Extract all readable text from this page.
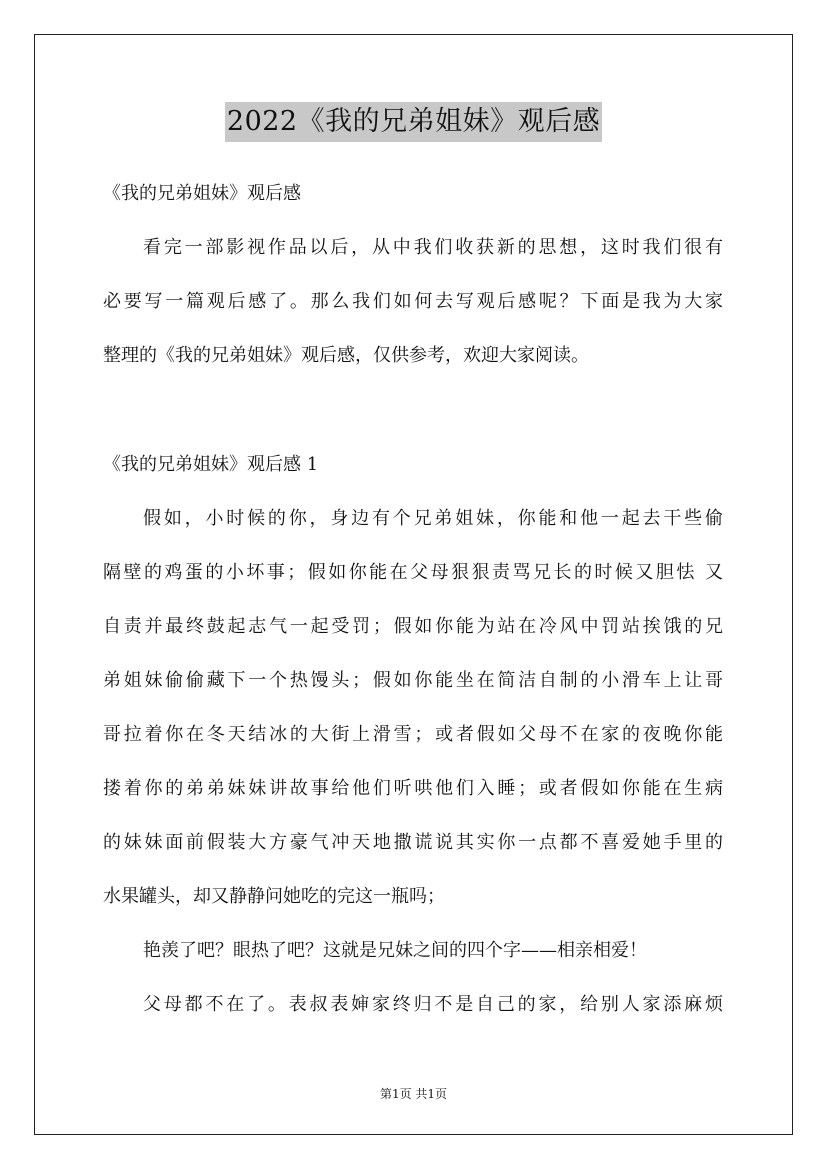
2022《我的兄弟姐妹》观后感
《我的兄弟姐妹》观后感
看完一部影视作品以后，从中我们收获新的思想，这时我们很有
必要写一篇观后感了。那么我们如何去写观后感呢？下面是我为大家
整理的《我的兄弟姐妹》观后感，仅供参考，欢迎大家阅读。
《我的兄弟姐妹》观后感 1
假如，小时候的你，身边有个兄弟姐妹，你能和他一起去干些偷
隔壁的鸡蛋的小坏事；假如你能在父母狠狠责骂兄长的时候又胆怯 又
自责并最终鼓起志气一起受罚；假如你能为站在冷风中罚站挨饿的兄
弟姐妹偷偷藏下一个热馒头；假如你能坐在简洁自制的小滑车上让哥
哥拉着你在冬天结冰的大街上滑雪；或者假如父母不在家的夜晚你能
搂着你的弟弟妹妹讲故事给他们听哄他们入睡；或者假如你能在生病
的妹妹面前假装大方豪气冲天地撒谎说其实你一点都不喜爱她手里的
水果罐头，却又静静问她吃的完这一瓶吗；
艳羡了吧？眼热了吧？这就是兄妹之间的四个字——相亲相爱！
父母都不在了。表叔表婶家终归不是自己的家，给别人家添麻烦
第1页 共1页
